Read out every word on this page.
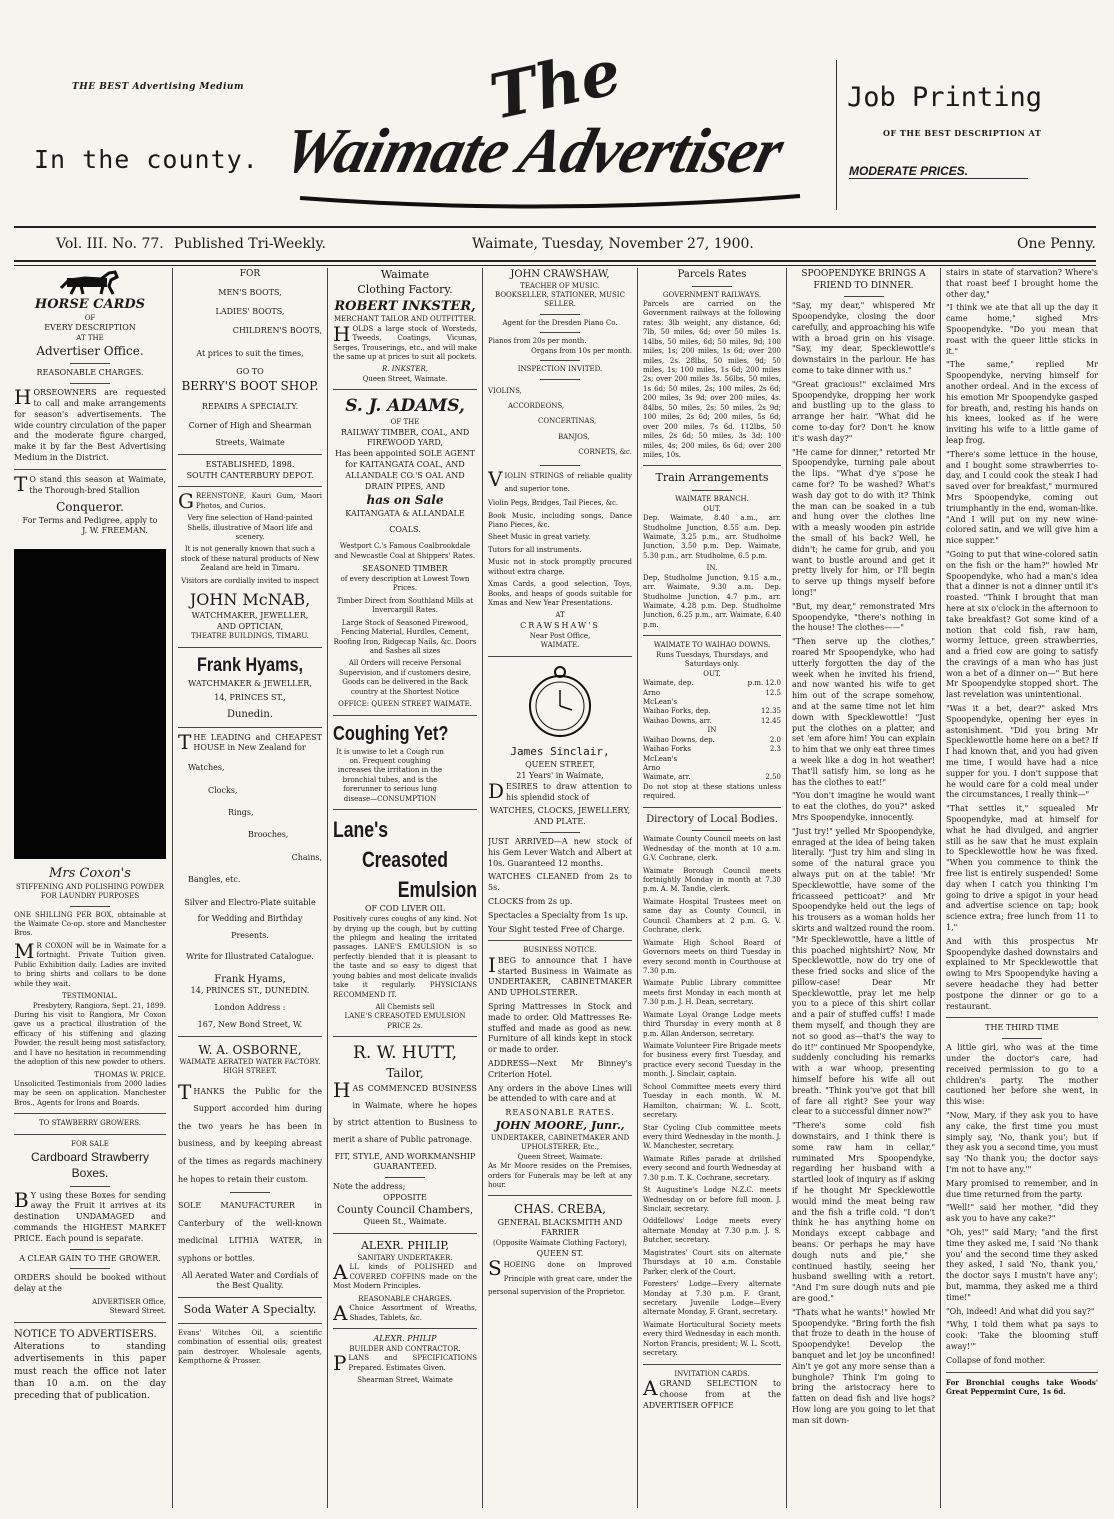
THE BEST Advertising Medium
In the county.
The
Waimate Advertiser
Job Printing
OF THE BEST DESCRIPTION AT
MODERATE PRICES.
Vol. III. No. 77. Published Tri-Weekly.	Waimate, Tuesday, November 27, 1900.	One Penny.
HORSE CARDS
OF
EVERY DESCRIPTION
AT THE
Advertiser Office.
REASONABLE CHARGES.

HORSEOWNERS are requested to call and make arrangements for season's advertisements. The wide country circulation of the paper and the moderate figure charged, make it by far the Best Advertising Medium in the District.

TO stand this season at Waimate, the Thorough-bred Stallion

Conqueror.
For Terms and Pedigree, apply to
J. W. FREEMAN.
Mrs Coxon's
STIFFENING AND POLISHING POWDER FOR LAUNDRY PURPOSES

ONE SHILLING PER BOX, obtainable at the Waimate Co-op. store and Manchester Bros.

MR COXON will be in Waimate for a fortnight. Private Tuition given. Public Exhibition daily. Ladies are invited to bring shirts and collars to be done while they wait.

TESTIMONIAL.
Presbytery, Rangiora, Sept. 21, 1899.

During his visit to Rangiora, Mr Coxon gave us a practical illustration of the efficacy of his stiffening and glazing Powder, the result being most satisfactory, and I have no hesitation in recommending the adoption of this new powder to others.

THOMAS W. PRICE.

Unsolicited Testimonials from 2000 ladies may be seen on application. Manchester Bros., Agents for Irons and Boards.

TO STAWBERRY GROWERS.
FOR SALE
Cardboard Strawberry Boxes.

BY using these Boxes for sending away the Fruit it arrives at its destination UNDAMAGED and commands the HIGHEST MARKET PRICE. Each pound is separate.

A CLEAR GAIN TO THE GROWER.

ORDERS should be booked without delay at the

ADVERTISER Office,
Steward Street.
NOTICE TO ADVERTISERS.

Alterations to standing advertisements in this paper must reach the office not later than 10 a.m. on the day preceding that of publication.

FOR
MEN'S BOOTS,
LADIES' BOOTS,
CHILDREN'S BOOTS,
At prices to suit the times,
GO TO
BERRY'S BOOT SHOP.
REPAIRS A SPECIALTY.
Corner of High and Shearman
Streets, Waimate
ESTABLISHED, 1898.
SOUTH CANTERBURY DEPOT.

GREENSTONE, Kauri Gum, Maori Photos, and Curios.

Very fine selection of Hand-painted Shells, illustrative of Maori life and scenery.

It is not generally known that such a stock of these natural products of New Zealand are held in Timaru.

Visitors are cordially invited to inspect

JOHN McNAB,
WATCHMAKER, JEWELLER,
AND OPTICIAN,
THEATRE BUILDINGS, TIMARU.
Frank Hyams,
WATCHMAKER & JEWELLER,
14, PRINCES ST.,
Dunedin.

THE LEADING and CHEAPEST HOUSE in New Zealand for

Watches,
Clocks,
Rings,
Brooches,
Chains,
Bangles, etc.
Silver and Electro-Plate suitable
for Wedding and Birthday
Presents.
Write for Illustrated Catalogue.
Frank Hyams,
14, PRINCES ST., DUNEDIN.
London Address :
167, New Bond Street, W.
W. A. OSBORNE,
WAIMATE AERATED WATER FACTORY.
HIGH STREET.

THANKS the Public for the Support accorded him during the two years he has been in business, and by keeping abreast of the times as regards machinery he hopes to retain their custom.

SOLE MANUFACTURER in Canterbury of the well-known medicinal LITHIA WATER, in syphons or bottles.

All Aerated Water and Cordials of the Best Quality.

Soda Water A Specialty.

Evans' Witches Oil, a scientific combination of essential oils; greatest pain destroyer. Wholesale agents, Kempthorne & Prosser.

Waimate
Clothing Factory.
ROBERT INKSTER,
MERCHANT TAILOR AND OUTFITTER.

HOLDS a large stock of Worsteds, Tweeds, Coatings, Vicunas, Serges, Trouserings, etc., and will make the same up at prices to suit all pockets.

R. INKSTER,
Queen Street, Waimate.
S. J. ADAMS,
OF THE
RAILWAY TIMBER, COAL, AND FIREWOOD YARD,
Has been appointed SOLE AGENT for KAITANGATA COAL, AND ALLANDALE CO.'S OAL AND DRAIN PIPES, AND
has on Sale
KAITANGATA & ALLANDALE
COALS.

Westport C.'s Famous Coalbrookdale and Newcastle Coal at Shippers' Rates.

SEASONED TIMBER

of every description at Lowest Town Prices.

Timber Direct from Southland Mills at Invercargill Rates.

Large Stock of Seasoned Firewood, Fencing Material, Hurdles, Cement, Roofing Iron, Ridgecap Nails, &c. Doors and Sashes all sizes

All Orders will receive Personal Supervision, and if customers desire, Goods can be delivered in the Back country at the Shortest Notice

OFFICE: QUEEN STREET WAIMATE.
Coughing Yet?

It is unwise to let a Cough run on. Frequent coughing increases the irritation in the bronchial tubes, and is the forerunner to serious lung disease—CONSUMPTION

Lane's
Creasoted
Emulsion
OF COD LIVER OIL

Positively cures coughs of any kind. Not by drying up the cough, but by cutting the phlegm and healing the irritated passages. LANE'S EMULSION is so perfectly blended that it is pleasant to the taste and so easy to digest that young babies and most delicate invalids take it regularly. PHYSICIANS RECOMMEND IT.

All Chemists sell
LANE'S CREASOTED EMULSION PRICE 2s.
R. W. HUTT,
Tailor,

HAS COMMENCED BUSINESS in Waimate, where he hopes by strict attention to Business to merit a share of Public patronage.

FIT, STYLE, AND WORKMANSHIP GUARANTEED.
Note the address;
OPPOSITE
County Council Chambers,
Queen St., Waimate.
ALEXR. PHILIP,
SANITARY UNDERTAKER.

ALL kinds of POLISHED and COVERED COFFINS made on the Most Modern Principles.

REASONABLE CHARGES.

AChoice Assortment of Wreaths, Shades, Tablets, &c.

ALEXR. PHILIP
BUILDER AND CONTRACTOR.

PLANS and SPECIFICATIONS Prepared. Estimates Given.

Shearman Street, Waimate
JOHN CRAWSHAW,
TEACHER OF MUSIC.
BOOKSELLER, STATIONER, MUSIC SELLER.
Agent for the Dresden Piano Co.
Pianos from 20s per month.
Organs from 10s per month.
INSPECTION INVITED.
VIOLINS,
ACCORDEONS,
CONCERTINAS,
BANJOS,
CORNETS, &c.

VIOLIN STRINGS of reliable quality and superior tone.

Violin Pegs, Bridges, Tail Pieces, &c.

Book Music, including songs, Dance Piano Pieces, &c.

Sheet Music in great variety.

Tutors for all instruments.

Music not in stock promptly procured without extra charge.

Xmas Cards, a good selection, Toys, Books, and heaps of goods suitable for Xmas and New Year Presentations.

AT
CRAWSHAW'S
Near Post Office,
WAIMATE.
James Sinclair,
QUEEN STREET,
21 Years' in Waimate,

DESIRES to draw attention to his splendid stock of

WATCHES, CLOCKS, JEWELLERY, AND PLATE.

JUST ARRIVED—A new stock of his Gem Lever Watch and Albert at 10s. Guaranteed 12 months.

WATCHES CLEANED from 2s to 5s.

CLOCKS from 2s up.

Spectacles a Specialty from 1s up.

Your Sight tested Free of Charge.

BUSINESS NOTICE.

IBEG to announce that I have started Business in Waimate as UNDERTAKER, CABINETMAKER AND UPHOLSTERER.

Spring Mattresses in Stock and made to order. Old Mattresses Re-stuffed and made as good as new. Furniture of all kinds kept in stock or made to order.

ADDRESS—Next Mr Binney's Criterion Hotel.

Any orders in the above Lines will be attended to with care and at

REASONABLE RATES.
JOHN MOORE, Junr.,
UNDERTAKER, CABINETMAKER AND UPHOLSTERER, Etc.,
Queen Street, Waimate.

As Mr Moore resides on the Premises, orders for Funerals may be left at any hour.

CHAS. CREBA,
GENERAL BLACKSMITH AND
FARRIER
(Opposite Waimate Clothing Factory),
QUEEN ST.

SHOEING done on Improved Principle with great care, under the personal supervision of the Proprietor.

Parcels Rates
GOVERNMENT RAILWAYS.

Parcels are carried on the Government railways at the following rates: 3lb weight, any distance, 6d; 7lb, 50 miles, 6d; over 50 miles 1s. 14lbs, 50 miles, 6d; 50 miles, 9d; 100 miles, 1s; 200 miles, 1s 6d; over 200 miles, 2s. 28lbs, 50 miles, 9d; 50 miles, 1s; 100 miles, 1s 6d; 200 miles 2s; over 200 miles 3s. 56lbs, 50 miles, 1s 6d; 50 miles, 2s; 100 miles, 2s 6d; 200 miles, 3s 9d; over 200 miles, 4s. 84lbs, 50 miles, 2s; 50 miles, 2s 9d; 100 miles, 2s 6d; 200 miles, 5s 6d; over 200 miles, 7s 6d. 112lbs, 50 miles, 2s 6d; 50 miles, 3s 3d; 100 miles, 4s; 200 miles, 6s 6d; over 200 miles, 10s.

Train Arrangements
WAIMATE BRANCH.
OUT.

Dep. Waimate, 8.40 a.m., arr. Studholme Junction, 8.55 a.m. Dep. Waimate, 3.25 p.m., arr. Studholme Junction, 3.50 p.m. Dep. Waimate, 5.30 p.m., arr. Studholme, 6.5 p.m.

IN.

Dep. Studholme Junction, 9.15 a.m., arr. Waimate, 9.30 a.m. Dep. Studholme Junction, 4.7 p.m., arr. Waimate, 4.28 p.m. Dep. Studholme Junction, 6.25 p.m., arr. Waimate, 6.40 p.m.

WAIMATE TO WAIHAO DOWNS.
Runs Tuesdays, Thursdays, and Saturdays only.
OUT.
Waimate, dep.	p.m. 12.0
Arno	12.5
McLean's	
Waihao Forks, dep.	12.35
Waihao Downs, arr.	12.45
IN
Waihao Downs, dep.	2.0
Waihao Forks	2.3
McLean's	
Arno	
Waimate, arr.	2.50

Do not stop at these stations unless required.

Directory of Local Bodies.

Waimate County Council meets on last Wednesday of the month at 10 a.m. G.V. Cochrane, clerk.

Waimate Borough Council meets fortnightly Monday in month at 7.30 p.m. A. M. Tandie, clerk.

Waimate Hospital Trustees meet on same day as County Council, in Council Chambers at 2 p.m. G. V. Cochrane, clerk.

Waimate High School Board of Governors meets on third Tuesday in every second month in Courthouse at 7.30 p.m.

Waimate Public Library committee meets first Monday in each month at 7.30 p.m. J. H. Dean, secretary.

Waimate Loyal Orange Lodge meets third Thursday in every month at 8 p.m. Allan Anderson, secretary.

Waimate Volunteer Fire Brigade meets for business every first Tuesday, and practice every second Tuesday in the month. J. Sinclair, captain.

School Committee meets every third Tuesday in each month. W. M. Hamilton, chairman; W. L. Scott, secretary.

Star Cycling Club committee meets every third Wednesday in the month. J. W. Manchester, secretary.

Waimate Rifles parade at drillshed every second and fourth Wednesday at 7.30 p.m. T. K. Cochrane, secretary.

St Augustine's Lodge N.Z.C. meets Wednesday on or before full moon. J. Sinclair, secretary.

Oddfellows' Lodge meets every alternate Monday at 7.30 p.m. J. S. Butcher, secretary.

Magistrates' Court sits on alternate Thursdays at 10 a.m. Constable Parker, clerk of the Court.

Foresters' Lodge—Every alternate Monday at 7.30 p.m. F. Grant, secretary. Juvenile Lodge—Every alternate Monday, F. Grant, secretary.

Waimate Horticultural Society meets every third Wednesday in each month. Norton Francis, president; W. L. Scott, secretary.

INVITATION CARDS.

AGRAND SELECTION to choose from at the ADVERTISER OFFICE

SPOOPENDYKE BRINGS A FRIEND TO DINNER.

"Say, my dear," whispered Mr Spoopendyke, closing the door carefully, and approaching his wife with a broad grin on his visage. "Say, my dear, Specklewottle's downstairs in the parlour. He has come to take dinner with us."

"Great gracious!" exclaimed Mrs Spoopendyke, dropping her work and bustling up to the glass to arrange her hair. "What did he come to-day for? Don't he know it's wash day?"

"He came for dinner," retorted Mr Spoopendyke, turning pale about the lips. "What d'ye s'pose he came for? To be washed? What's wash day got to do with it? Think the man can be soaked in a tub and hung over the clothes line with a measly wooden pin astride the small of his back? Well, he didn't; he came for grub, and you want to bustle around and get it pretty lively for him, or I'll begin to serve up things myself before long!"

"But, my dear," remonstrated Mrs Spoopendyke, "there's nothing in the house! The clothes——"

"Then serve up the clothes," roared Mr Spoopendyke, who had utterly forgotten the day of the week when he invited his friend, and now wanted his wife to get him out of the scrape somehow, and at the same time not let him down with Specklewottle! "Just put the clothes on a platter, and set 'em afore him! You can explain to him that we only eat three times a week like a dog in hot weather! That'll satisfy him, so long as he has the clothes to eat!"

"You don't imagine he would want to eat the clothes, do you?" asked Mrs Spoopendyke, innocently.

"Just try!" yelled Mr Spoopendyke, enraged at the idea of being taken literally. "Just try him and sling in some of the natural grace you always put on at the table! 'Mr Specklewottle, have some of the fricasseed petticoat?' and Mr Spoopendyke held out the legs of his trousers as a woman holds her skirts and waltzed round the room. "Mr Specklewottle, have a little of this poached nightshirt? Now, Mr Specklewottle, now do try one of these fried socks and slice of the pillow-case! Dear Mr Specklewottle, pray let me help you to a piece of this shirt collar and a pair of stuffed cuffs! I made them myself, and though they are not so good as—that's the way to do it!" continued Mr Spoopendyke, suddenly concluding his remarks with a war whoop, presenting himself before his wife all out breath. "Think you've got that bill of fare all right? See your way clear to a successful dinner now?"

"There's some cold fish downstairs, and I think there is some raw ham in cellar," ruminated Mrs Spoopendyke, regarding her husband with a startled look of inquiry as if asking if he thought Mr Specklewottle would mind the meat being raw and the fish a trifle cold. "I don't think he has anything home on Mondays except cabbage and beans. Or perhaps he may have dough nuts and pie," she continued hastily, seeing her husband swelling with a retort. "And I'm sure dough nuts and pie are good."

"Thats what he wants!" howled Mr Spoopendyke. "Bring forth the fish that froze to death in the house of Spoopendyke! Develop the banquet and let joy be unconfined! Ain't ye got any more sense than a bunghole? Think I'm going to bring the aristocracy here to fatten on dead fish and live hogs? How long are you going to let that man sit down-

stairs in state of starvation? Where's that roast beef I brought home the other day,"

"I think we ate that all up the day it came home," sighed Mrs Spoopendyke. "Do you mean that roast with the queer little sticks in it."

"The same," replied Mr Spoopendyke, nerving himself for another ordeal. And in the excess of his emotion Mr Spoopendyke gasped for breath, and, resting his hands on his knees, looked as if he were inviting his wife to a little game of leap frog.

"There's some lettuce in the house, and I bought some strawberries to-day, and I could cook the steak I had saved over for breakfast," murmured Mrs Spoopendyke, coming out triumphantly in the end, woman-like. "And I will put on my new wine-colored satin, and we will give him a nice supper."

"Going to put that wine-colored satin on the fish or the ham?" howled Mr Spoopendyke, who had a man's idea that a dinner is not a dinner until it's roasted. "Think I brought that man here at six o'clock in the afternoon to take breakfast? Got some kind of a notion that cold fish, raw ham, wormy lettuce, green strawberries, and a fried cow are going to satisfy the cravings of a man who has just won a bet of a dinner on—" But here Mr Spoopendyke stopped short. The last revelation was unintentional.

"Was it a bet, dear?" asked Mrs Spoopendyke, opening her eyes in astonishment. "Did you bring Mr Specklewottle home here on a bet? If I had known that, and you had given me time, I would have had a nice supper for you. I don't suppose that he would care for a cold meal under the circumstances, I really think—"

"That settles it," squealed Mr Spoopendyke, mad at himself for what he had divulged, and angrier still as he saw that he must explain to Specklewottle how he was fixed. "When you commence to think the free list is entirely suspended! Some day when I catch you thinking I'm going to drive a spigot in your head and advertise science on tap; book science extra; free lunch from 11 to 1,"

And with this prospectus Mr Spoopendyke dashed downstairs and explained to Mr Specklewottle that owing to Mrs Spoopendyke having a severe headache they had better postpone the dinner or go to a restaurant.

THE THIRD TIME

A little girl, who was at the time under the doctor's care, had received permission to go to a children's party. The mother cautioned her before she went, in this wise:

"Now, Mary, if they ask you to have any cake, the first time you must simply say, 'No, thank you'; but if they ask you a second time, you must say 'No thank you; the doctor says I'm not to have any.'"

Mary promised to remember, and in due time returned from the party.

"Well!" said her mother, "did they ask you to have any cake?"

"Oh, yes!" said Mary; "and the first time they asked me, I said 'No thank you' and the second time they asked they asked, I said 'No, thank you,' the doctor says I mustn't have any'; but, mamma, they asked me a third time!"

"Oh, indeed! And what did you say?"

"Why, I told them what pa says to cook: 'Take the blooming stuff away!'"

Collapse of fond mother.

For Bronchial coughs take Woods' Great Peppermint Cure, 1s 6d.
